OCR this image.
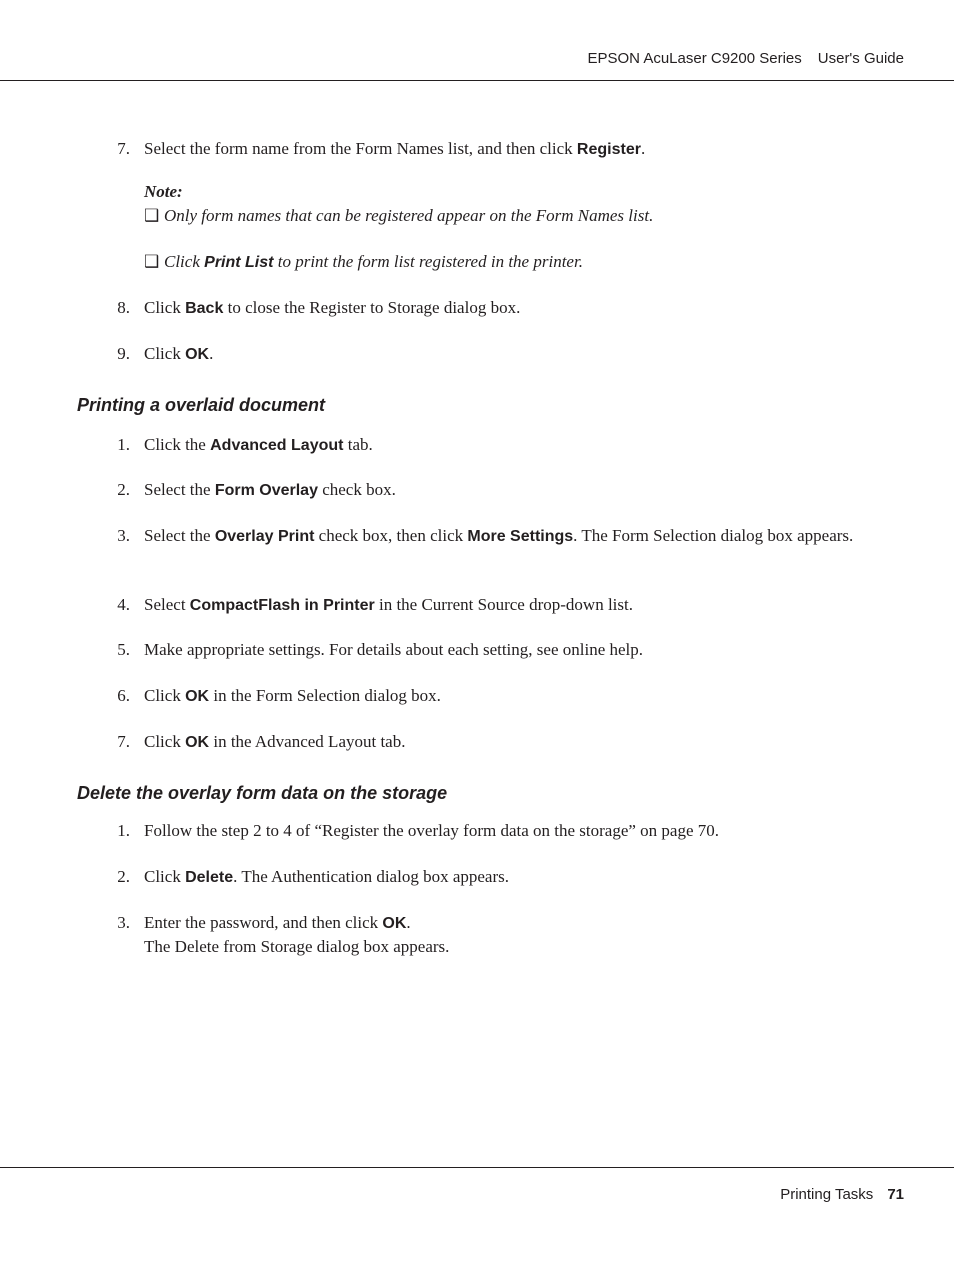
EPSON AcuLaser C9200 Series User's Guide
7. Select the form name from the Form Names list, and then click Register.
Note:
❑ Only form names that can be registered appear on the Form Names list.
❑ Click Print List to print the form list registered in the printer.
8. Click Back to close the Register to Storage dialog box.
9. Click OK.
Printing a overlaid document
1. Click the Advanced Layout tab.
2. Select the Form Overlay check box.
3. Select the Overlay Print check box, then click More Settings. The Form Selection dialog box appears.
4. Select CompactFlash in Printer in the Current Source drop-down list.
5. Make appropriate settings. For details about each setting, see online help.
6. Click OK in the Form Selection dialog box.
7. Click OK in the Advanced Layout tab.
Delete the overlay form data on the storage
1. Follow the step 2 to 4 of “Register the overlay form data on the storage” on page 70.
2. Click Delete. The Authentication dialog box appears.
3. Enter the password, and then click OK.
The Delete from Storage dialog box appears.
Printing Tasks 71
